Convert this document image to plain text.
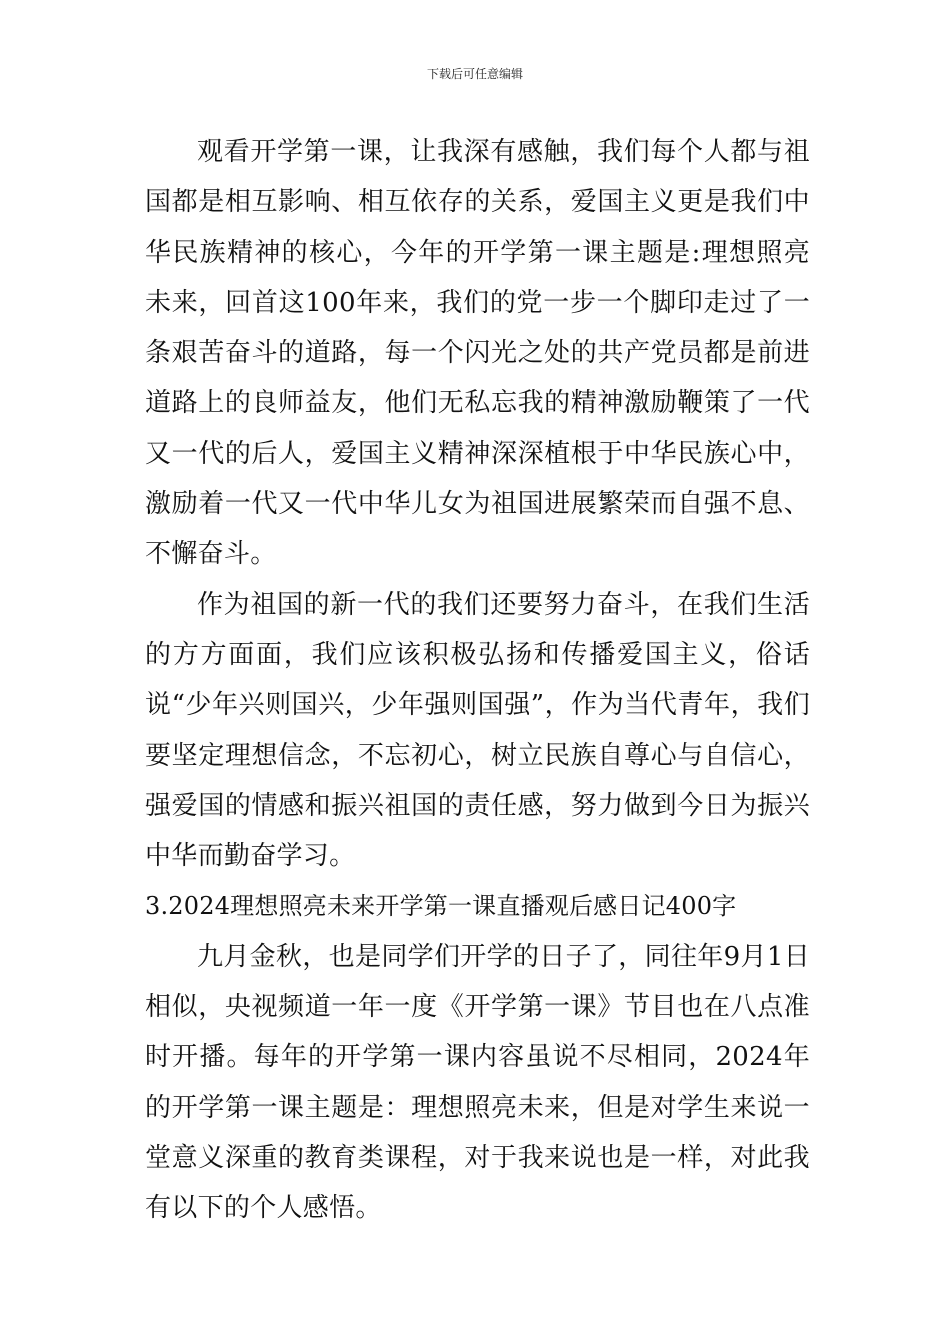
下载后可任意编辑

观看开学第一课，让我深有感触，我们每个人都与祖国都是相互影响、相互依存的关系，爱国主义更是我们中华民族精神的核心，今年的开学第一课主题是:理想照亮未来，回首这100年来，我们的党一步一个脚印走过了一条艰苦奋斗的道路，每一个闪光之处的共产党员都是前进道路上的良师益友，他们无私忘我的精神激励鞭策了一代又一代的后人，爱国主义精神深深植根于中华民族心中，激励着一代又一代中华儿女为祖国进展繁荣而自强不息、不懈奋斗。

作为祖国的新一代的我们还要努力奋斗，在我们生活的方方面面，我们应该积极弘扬和传播爱国主义，俗话说“少年兴则国兴，少年强则国强”，作为当代青年，我们要坚定理想信念，不忘初心，树立民族自尊心与自信心，强爱国的情感和振兴祖国的责任感，努力做到今日为振兴中华而勤奋学习。

3.2024理想照亮未来开学第一课直播观后感日记400字

九月金秋，也是同学们开学的日子了，同往年9月1日相似，央视频道一年一度《开学第一课》节目也在八点准时开播。每年的开学第一课内容虽说不尽相同，2024年的开学第一课主题是：理想照亮未来，但是对学生来说一堂意义深重的教育类课程，对于我来说也是一样，对此我有以下的个人感悟。
